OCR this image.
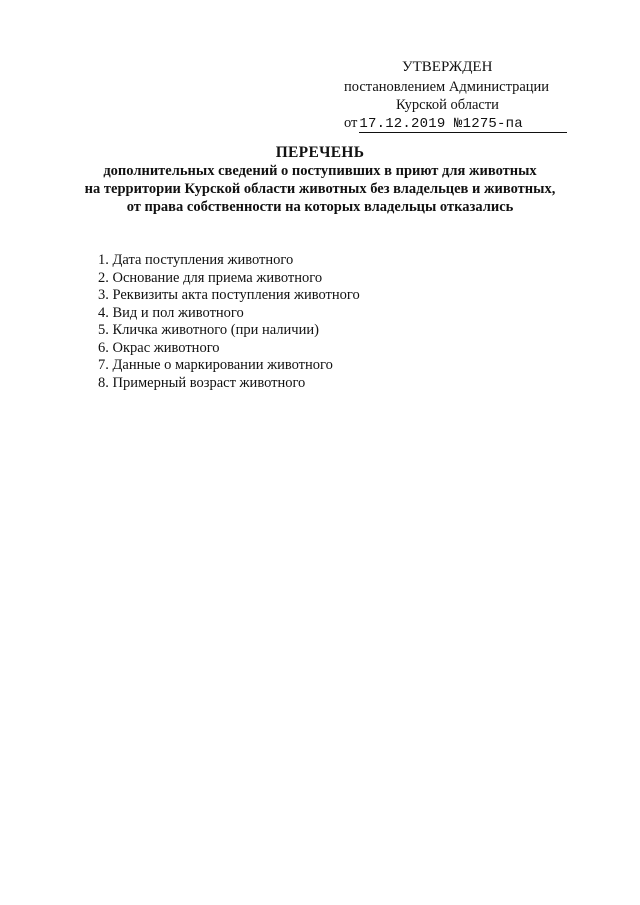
УТВЕРЖДЕН
постановлением Администрации
Курской области
от 17.12.2019 №1275-па
ПЕРЕЧЕНЬ
дополнительных сведений о поступивших в приют для животных
на территории Курской области животных без владельцев и животных,
от права собственности на которых владельцы отказались
1. Дата поступления животного
2. Основание для приема животного
3. Реквизиты акта поступления животного
4. Вид и пол животного
5. Кличка животного (при наличии)
6. Окрас животного
7. Данные о маркировании животного
8. Примерный возраст животного
